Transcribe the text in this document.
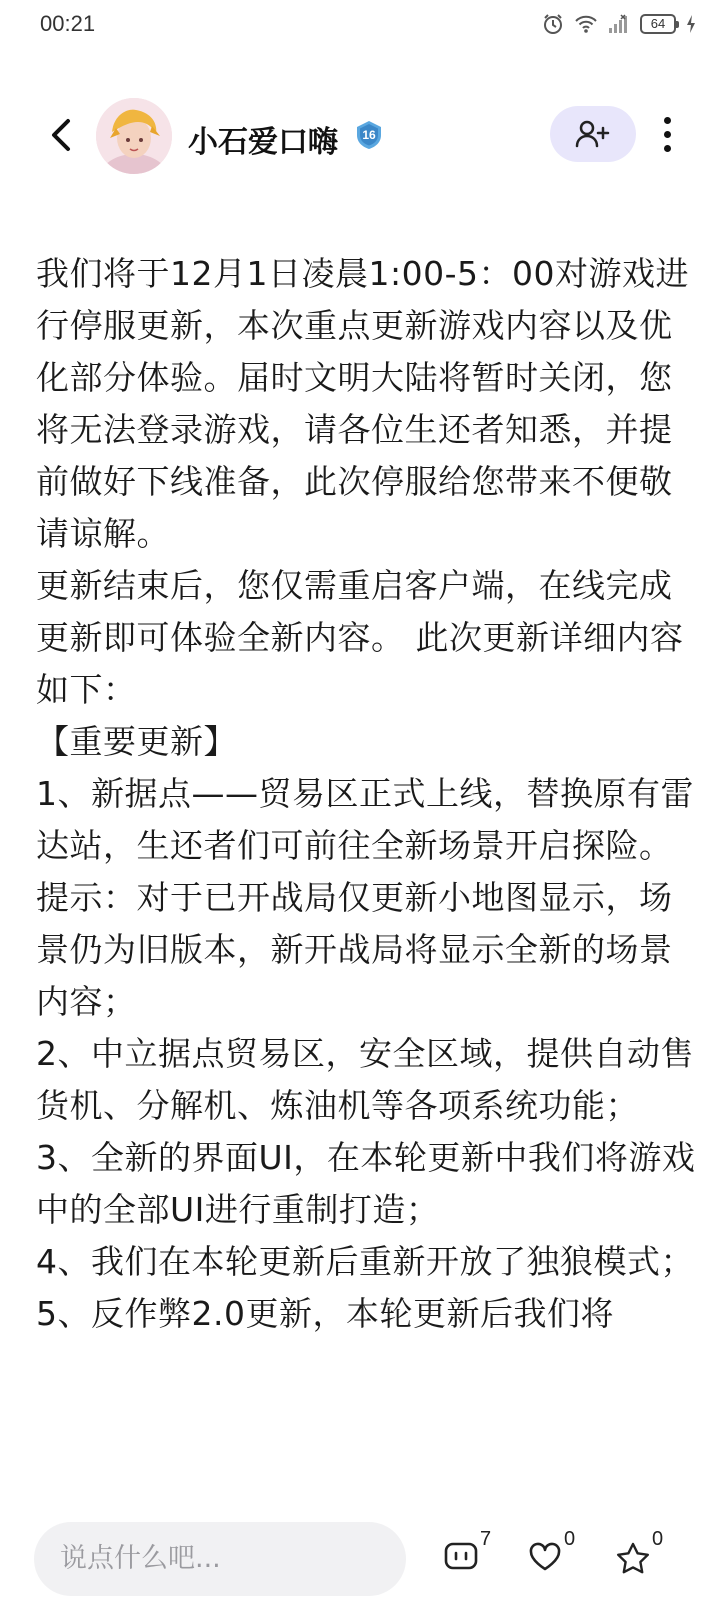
00:21	64
小石爱口嗨	16

我们将于12月1日凌晨1:00-5：00对游戏进行停服更新，本次重点更新游戏内容以及优化部分体验。届时文明大陆将暂时关闭，您将无法登录游戏，请各位生还者知悉，并提前做好下线准备，此次停服给您带来不便敬请谅解。

更新结束后，您仅需重启客户端，在线完成更新即可体验全新内容。 此次更新详细内容如下：

【重要更新】

1、新据点——贸易区正式上线，替换原有雷达站，生还者们可前往全新场景开启探险。提示：对于已开战局仅更新小地图显示，场景仍为旧版本，新开战局将显示全新的场景内容；

2、中立据点贸易区，安全区域，提供自动售货机、分解机、炼油机等各项系统功能；

3、全新的界面UI，在本轮更新中我们将游戏中的全部UI进行重制打造；

4、我们在本轮更新后重新开放了独狼模式；

5、反作弊2.0更新，本轮更新后我们将

说点什么吧...
7	0	0
